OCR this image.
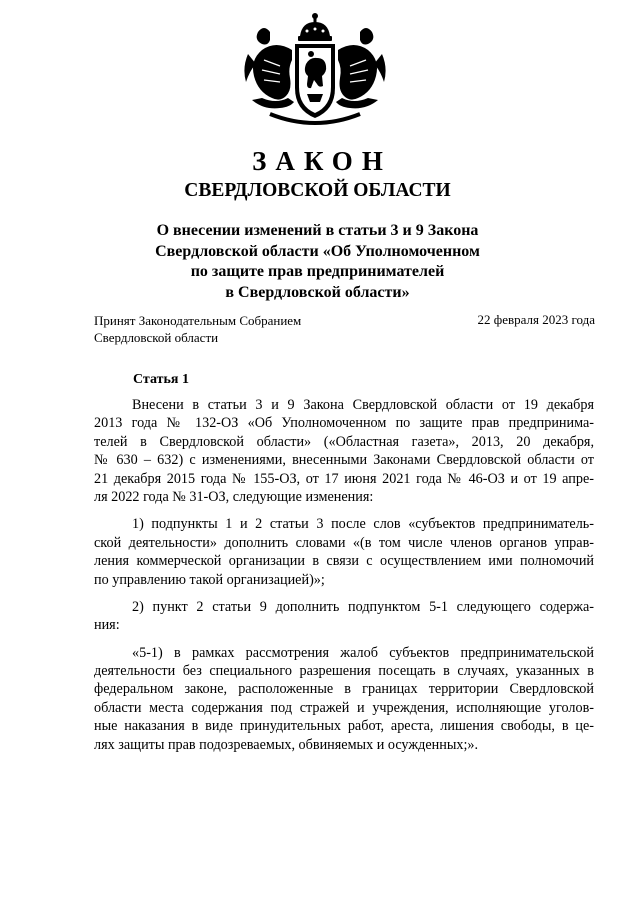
ЗАКОН
СВЕРДЛОВСКОЙ ОБЛАСТИ
О внесении изменений в статьи 3 и 9 Закона
Свердловской области «Об Уполномоченном
по защите прав предпринимателей
в Свердловской области»
Принят Законодательным Собранием
Свердловской области
22 февраля 2023 года
Статья 1
Внесени в статьи 3 и 9 Закона Свердловской области от 19 декабря
2013 года № 132-ОЗ «Об Уполномоченном по защите прав предпринима-
телей в Свердловской области» («Областная газета», 2013, 20 декабря,
№ 630 – 632) с изменениями, внесенными Законами Свердловской области от
21 декабря 2015 года № 155-ОЗ, от 17 июня 2021 года № 46-ОЗ и от 19 апре-
ля 2022 года № 31-ОЗ, следующие изменения:
1) подпункты 1 и 2 статьи 3 после слов «субъектов предприниматель-
ской деятельности» дополнить словами «(в том числе членов органов управ-
ления коммерческой организации в связи с осуществлением ими полномочий
по управлению такой организацией)»;
2) пункт 2 статьи 9 дополнить подпунктом 5-1 следующего содержа-
ния:
«5-1) в рамках рассмотрения жалоб субъектов предпринимательской
деятельности без специального разрешения посещать в случаях, указанных в
федеральном законе, расположенные в границах территории Свердловской
области места содержания под стражей и учреждения, исполняющие уголов-
ные наказания в виде принудительных работ, ареста, лишения свободы, в це-
лях защиты прав подозреваемых, обвиняемых и осужденных;».
